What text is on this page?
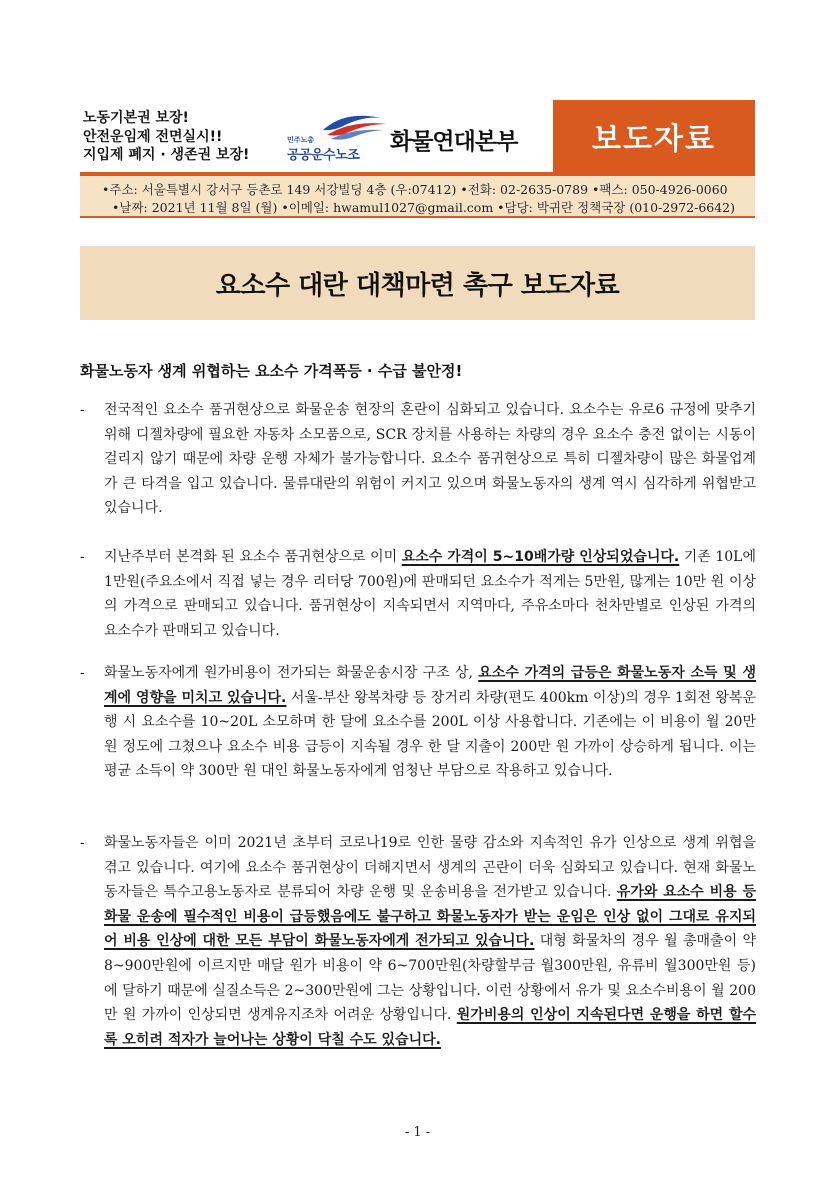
노동기본권 보장!
안전운임제 전면실시!!
지입제 폐지 · 생존권 보장!
민주노총
공공운수노조
화물연대본부	보도자료
•주소: 서울특별시 강서구 등촌로 149 서강빌딩 4층 (우:07412) •전화: 02-2635-0789 •팩스: 050-4926-0060
•날짜: 2021년 11월 8일 (월) •이메일: hwamul1027@gmail.com •담당: 박귀란 정책국장 (010-2972-6642)
요소수 대란 대책마련 촉구 보도자료
화물노동자 생계 위협하는 요소수 가격폭등 · 수급 불안정!
-	전국적인 요소수 품귀현상으로 화물운송 현장의 혼란이 심화되고 있습니다. 요소수는 유로6 규정에 맞추기 위해 디젤차량에 필요한 자동차 소모품으로, SCR 장치를 사용하는 차량의 경우 요소수 충전 없이는 시동이 걸리지 않기 때문에 차량 운행 자체가 불가능합니다. 요소수 품귀현상으로 특히 디젤차량이 많은 화물업계가 큰 타격을 입고 있습니다. 물류대란의 위험이 커지고 있으며 화물노동자의 생계 역시 심각하게 위협받고 있습니다.
-	지난주부터 본격화 된 요소수 품귀현상으로 이미 요소수 가격이 5~10배가량 인상되었습니다. 기존 10L에 1만원(주요소에서 직접 넣는 경우 리터당 700원)에 판매되던 요소수가 적게는 5만원, 많게는 10만 원 이상의 가격으로 판매되고 있습니다. 품귀현상이 지속되면서 지역마다, 주유소마다 천차만별로 인상된 가격의 요소수가 판매되고 있습니다.
-	화물노동자에게 원가비용이 전가되는 화물운송시장 구조 상, 요소수 가격의 급등은 화물노동자 소득 및 생계에 영향을 미치고 있습니다. 서울-부산 왕복차량 등 장거리 차량(편도 400km 이상)의 경우 1회전 왕복운행 시 요소수를 10~20L 소모하며 한 달에 요소수를 200L 이상 사용합니다. 기존에는 이 비용이 월 20만 원 정도에 그쳤으나 요소수 비용 급등이 지속될 경우 한 달 지출이 200만 원 가까이 상승하게 됩니다. 이는 평균 소득이 약 300만 원 대인 화물노동자에게 엄청난 부담으로 작용하고 있습니다.
-	화물노동자들은 이미 2021년 초부터 코로나19로 인한 물량 감소와 지속적인 유가 인상으로 생계 위협을 겪고 있습니다. 여기에 요소수 품귀현상이 더해지면서 생계의 곤란이 더욱 심화되고 있습니다. 현재 화물노동자들은 특수고용노동자로 분류되어 차량 운행 및 운송비용을 전가받고 있습니다. 유가와 요소수 비용 등 화물 운송에 필수적인 비용이 급등했음에도 불구하고 화물노동자가 받는 운임은 인상 없이 그대로 유지되어 비용 인상에 대한 모든 부담이 화물노동자에게 전가되고 있습니다. 대형 화물차의 경우 월 총매출이 약 8~900만원에 이르지만 매달 원가 비용이 약 6~700만원(차량할부금 월300만원, 유류비 월300만원 등)에 달하기 때문에 실질소득은 2~300만원에 그는 상황입니다. 이런 상황에서 유가 및 요소수비용이 월 200만 원 가까이 인상되면 생계유지조차 어려운 상황입니다. 원가비용의 인상이 지속된다면 운행을 하면 할수록 오히려 적자가 늘어나는 상황이 닥칠 수도 있습니다.
- 1 -
